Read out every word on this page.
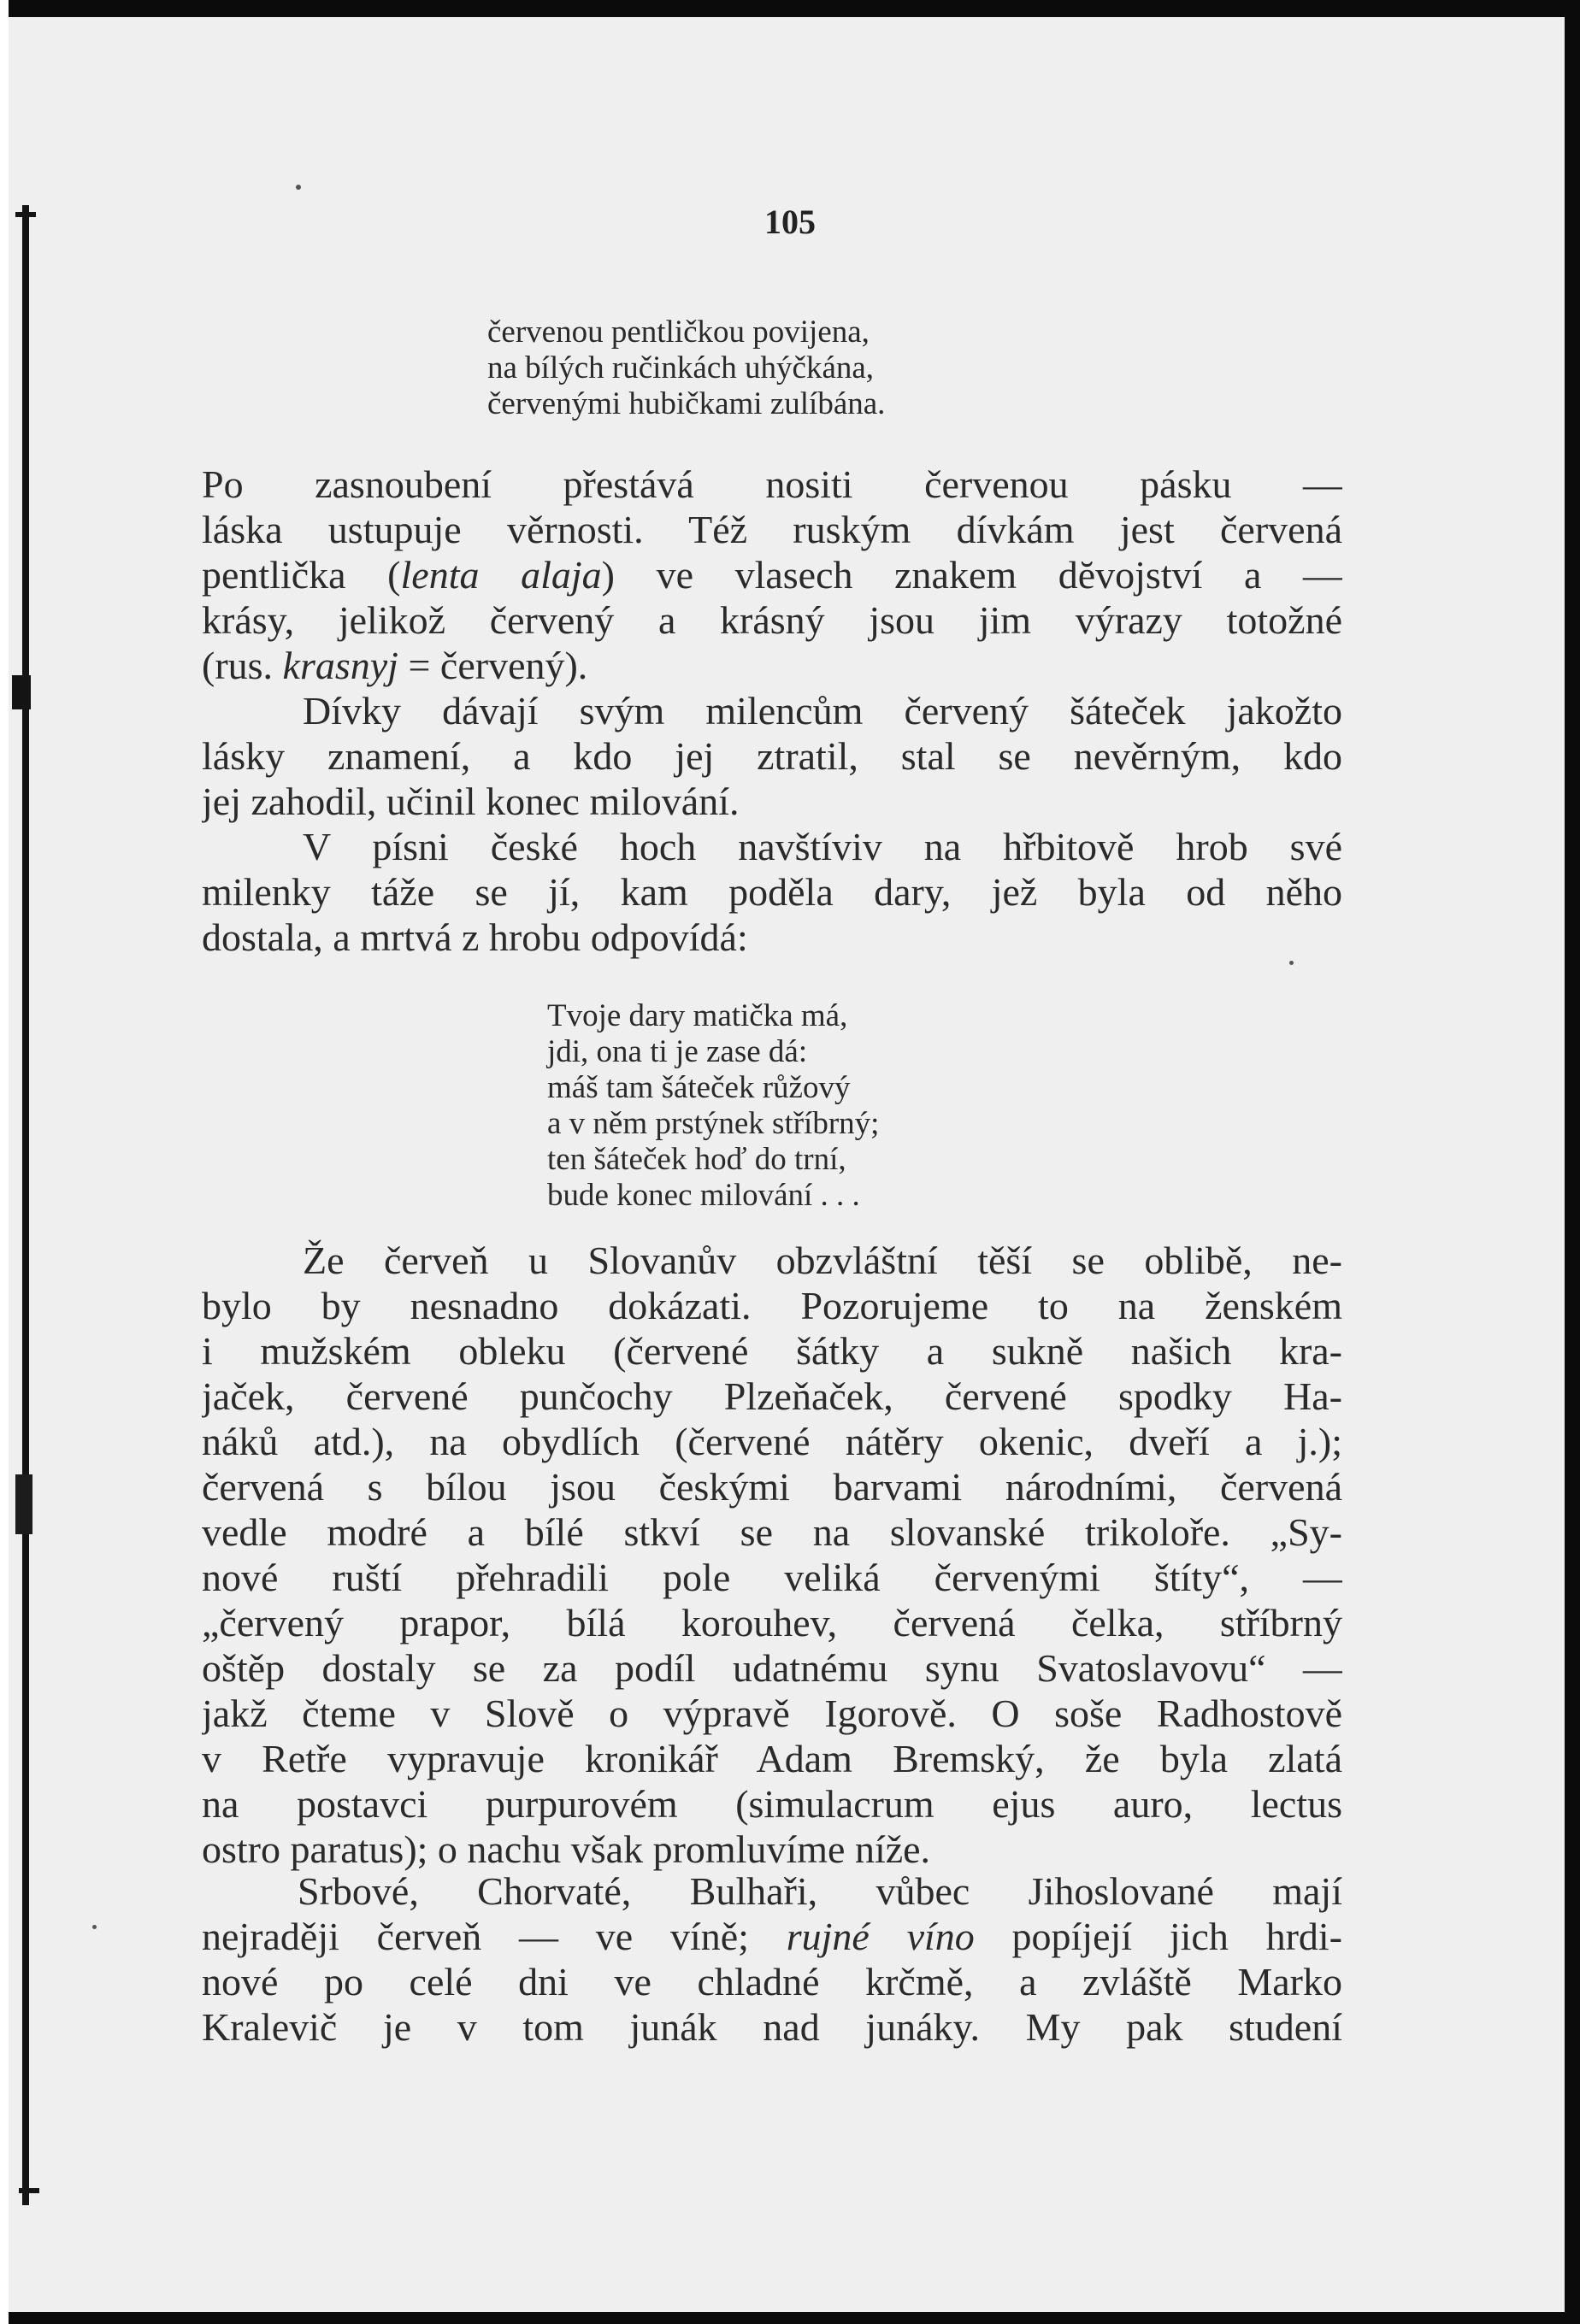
105
červenou pentličkou povijena,
na bílých ručinkách uhýčkána,
červenými hubičkami zulíbána.
Po zasnoubení přestává nositi červenou pásku —
láska ustupuje věrnosti. Též ruským dívkám jest červená
pentlička (lenta alaja) ve vlasech znakem dĕvojství a —
krásy, jelikož červený a krásný jsou jim výrazy totožné
(rus. krasnyj = červený).
Dívky dávají svým milencům červený šáteček jakožto
lásky znamení, a kdo jej ztratil, stal se nevěrným, kdo
jej zahodil, učinil konec milování.
V písni české hoch navštíviv na hřbitově hrob své
milenky táže se jí, kam poděla dary, jež byla od něho
dostala, a mrtvá z hrobu odpovídá:
Tvoje dary matička má,
jdi, ona ti je zase dá:
máš tam šáteček růžový
a v něm prstýnek stříbrný;
ten šáteček hoď do trní,
bude konec milování . . .
Že červeň u Slovanův obzvláštní těší se oblibě, ne-
bylo by nesnadno dokázati. Pozorujeme to na ženském
i mužském obleku (červené šátky a sukně našich kra-
jaček, červené punčochy Plzeňaček, červené spodky Ha-
náků atd.), na obydlích (červené nátěry okenic, dveří a j.);
červená s bílou jsou českými barvami národními, červená
vedle modré a bílé stkví se na slovanské trikoloře. „Sy-
nové ruští přehradili pole veliká červenými štíty“, —
„červený prapor, bílá korouhev, červená čelka, stříbrný
oštěp dostaly se za podíl udatnému synu Svatoslavovu“ —
jakž čteme v Slově o výpravě Igorově. O soše Radhostově
v Retře vypravuje kronikář Adam Bremský, že byla zlatá
na postavci purpurovém (simulacrum ejus auro, lectus
ostro paratus); o nachu však promluvíme níže.
Srbové, Chorvaté, Bulhaři, vůbec Jihoslované mají
nejraději červeň — ve víně; rujné víno popíjejí jich hrdi-
nové po celé dni ve chladné krčmě, a zvláště Marko
Kralevič je v tom junák nad junáky. My pak studení
